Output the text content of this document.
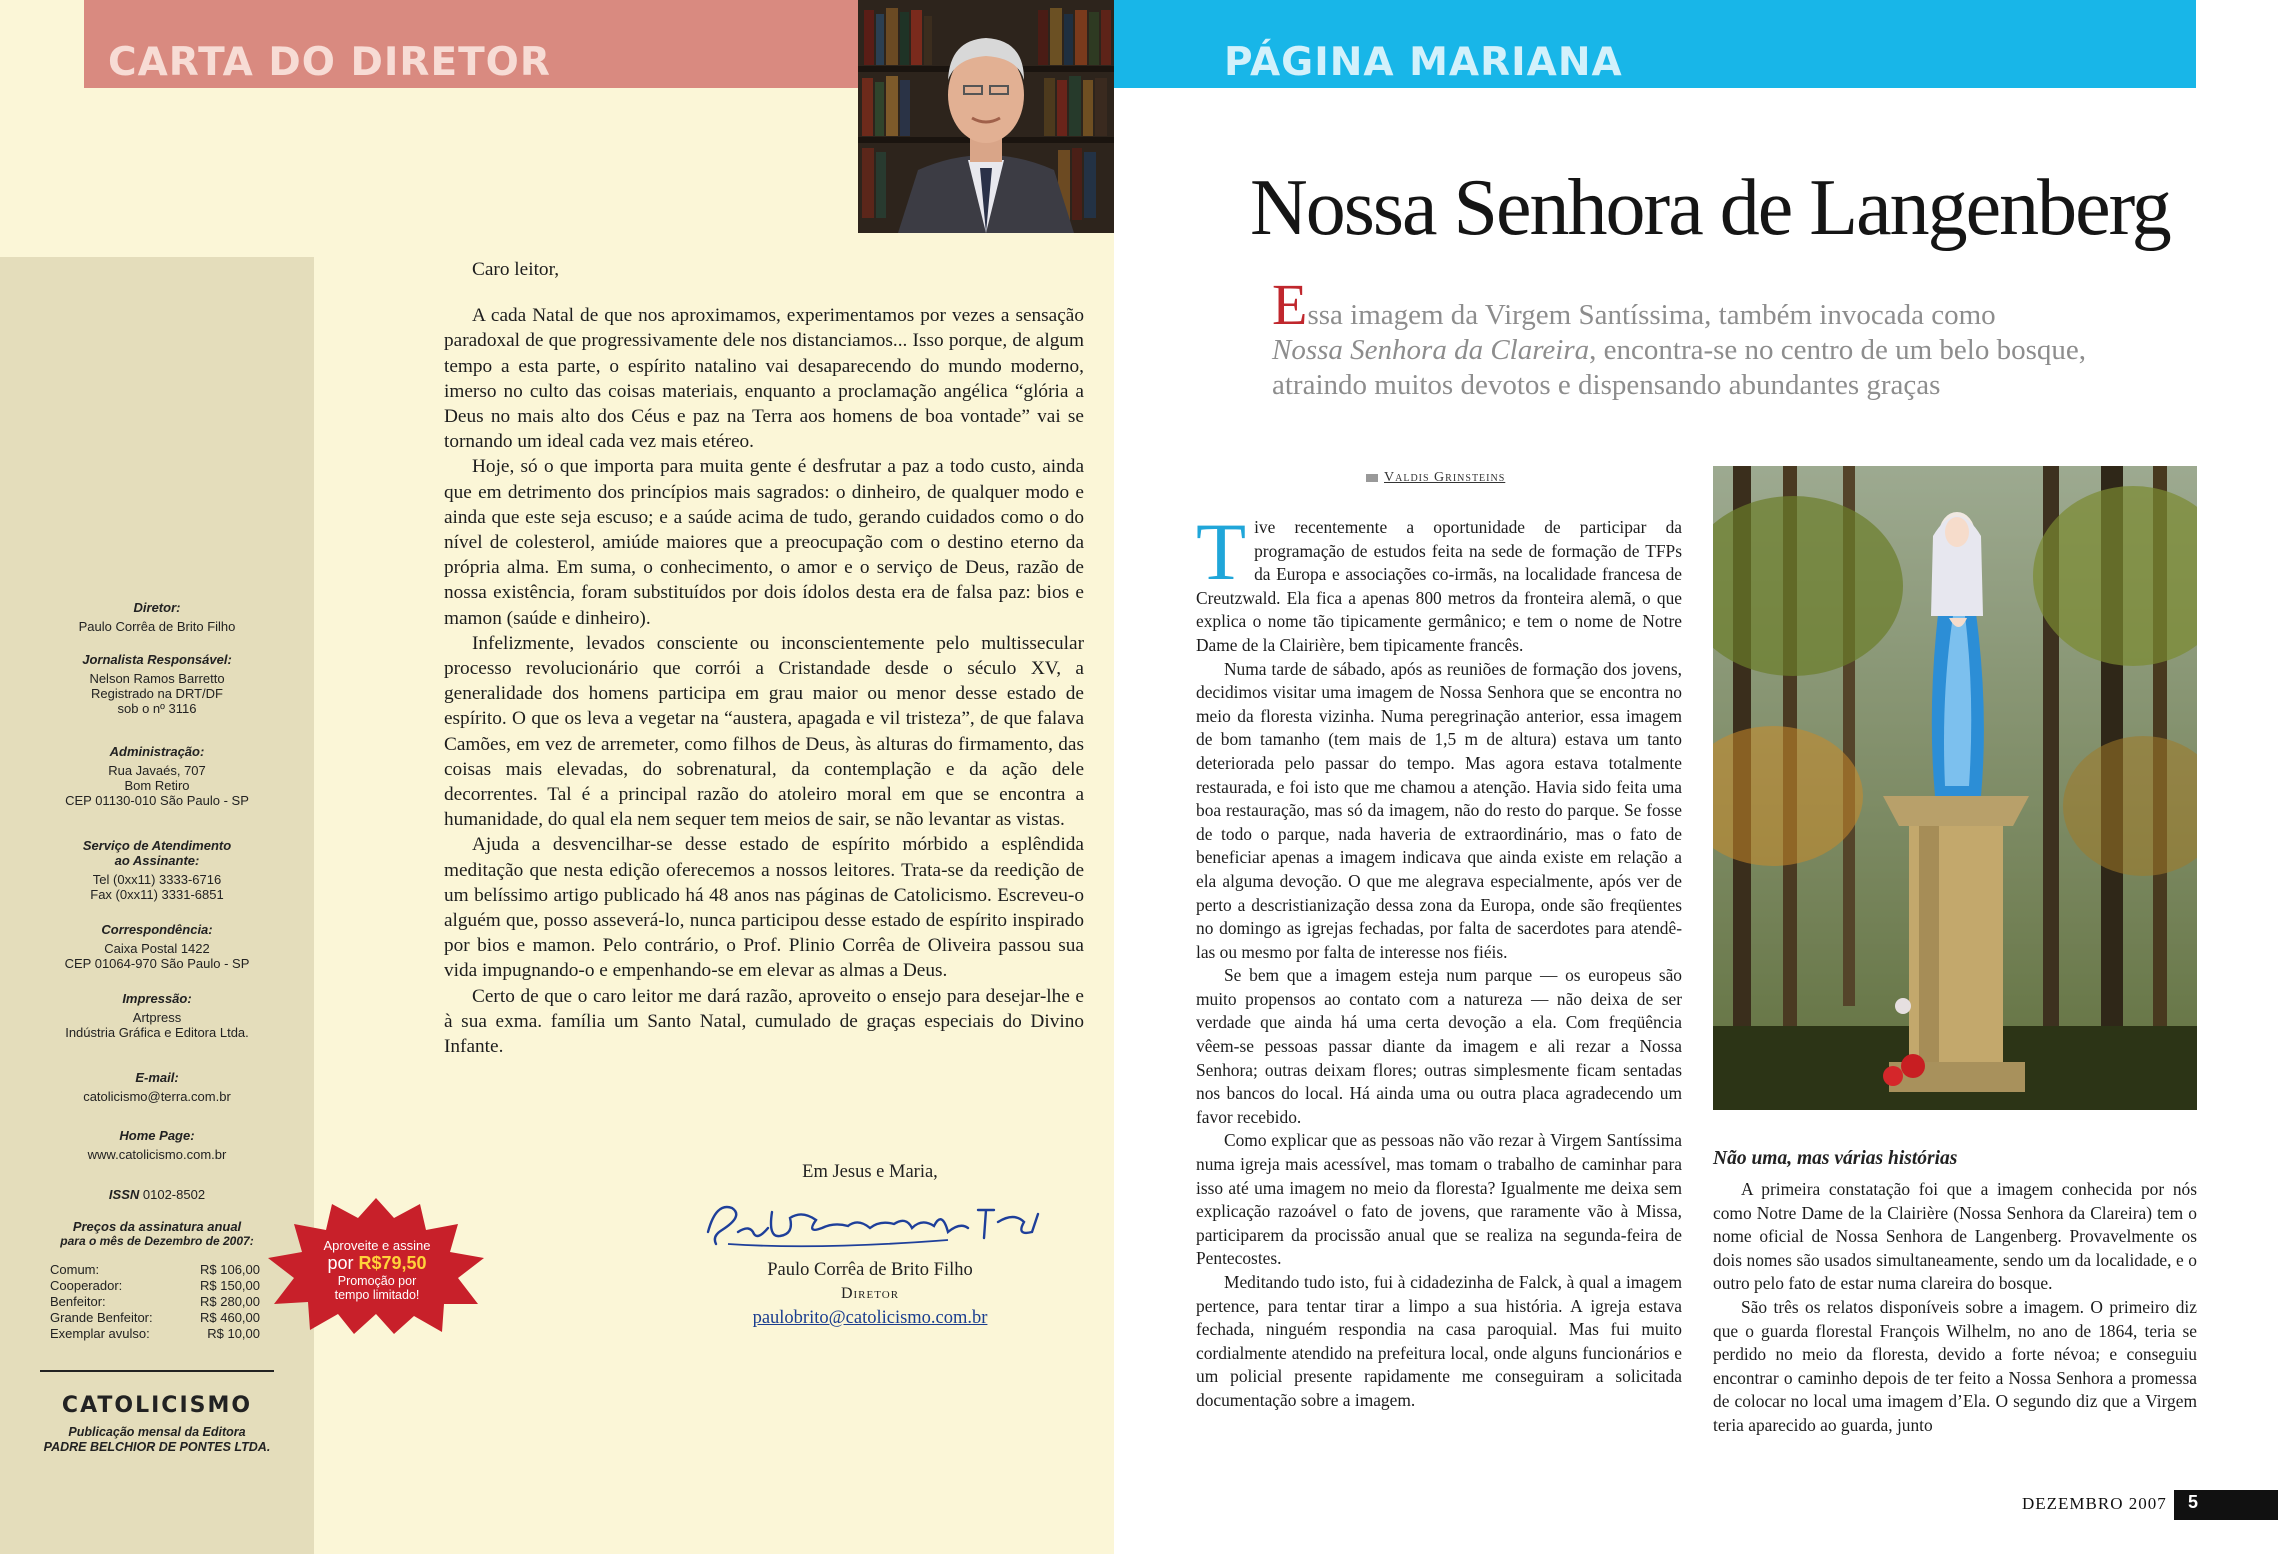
CARTA DO DIRETOR
Diretor:
Paulo Corrêa de Brito Filho
Jornalista Responsável:
Nelson Ramos Barretto
Registrado na DRT/DF
sob o nº 3116
Administração:
Rua Javaés, 707
Bom Retiro
CEP 01130-010 São Paulo - SP
Serviço de Atendimento
ao Assinante:
Tel (0xx11) 3333-6716
Fax (0xx11) 3331-6851
Correspondência:
Caixa Postal 1422
CEP 01064-970 São Paulo - SP
Impressão:
Artpress
Indústria Gráfica e Editora Ltda.
E-mail:
catolicismo@terra.com.br
Home Page:
www.catolicismo.com.br
ISSN 0102-8502
Preços da assinatura anual
para o mês de Dezembro de 2007:
Comum:	R$ 106,00
Cooperador:	R$ 150,00
Benfeitor:	R$ 280,00
Grande Benfeitor:	R$ 460,00
Exemplar avulso:	R$ 10,00
CATOLICISMO
Publicação mensal da Editora
PADRE BELCHIOR DE PONTES LTDA.
Aproveite e assine
por R$79,50
Promoção por
tempo limitado!

Caro leitor,

A cada Natal de que nos aproximamos, experimentamos por vezes a sensação paradoxal de que progressivamente dele nos distanciamos... Isso porque, de algum tempo a esta parte, o espírito natalino vai desaparecendo do mundo moderno, imerso no culto das coisas materiais, enquanto a proclamação angélica “glória a Deus no mais alto dos Céus e paz na Terra aos homens de boa vontade” vai se tornando um ideal cada vez mais etéreo.

Hoje, só o que importa para muita gente é desfrutar a paz a todo custo, ainda que em detrimento dos princípios mais sagrados: o dinheiro, de qualquer modo e ainda que este seja escuso; e a saúde acima de tudo, gerando cuidados como o do nível de colesterol, amiúde maiores que a preocupação com o destino eterno da própria alma. Em suma, o conhecimento, o amor e o serviço de Deus, razão de nossa existência, foram substituídos por dois ídolos desta era de falsa paz: bios e mamon (saúde e dinheiro).

Infelizmente, levados consciente ou inconscientemente pelo multissecular processo revolucionário que corrói a Cristandade desde o século XV, a generalidade dos homens participa em grau maior ou menor desse estado de espírito. O que os leva a vegetar na “austera, apagada e vil tristeza”, de que falava Camões, em vez de arremeter, como filhos de Deus, às alturas do firmamento, das coisas mais elevadas, do sobrenatural, da contemplação e da ação dele decorrentes. Tal é a principal razão do atoleiro moral em que se encontra a humanidade, do qual ela nem sequer tem meios de sair, se não levantar as vistas.

Ajuda a desvencilhar-se desse estado de espírito mórbido a esplêndida meditação que nesta edição oferecemos a nossos leitores. Trata-se da reedição de um belíssimo artigo publicado há 48 anos nas páginas de Catolicismo. Escreveu-o alguém que, posso asseverá-lo, nunca participou desse estado de espírito inspirado por bios e mamon. Pelo contrário, o Prof. Plinio Corrêa de Oliveira passou sua vida impugnando-o e empenhando-se em elevar as almas a Deus.

Certo de que o caro leitor me dará razão, aproveito o ensejo para desejar-lhe e à sua exma. família um Santo Natal, cumulado de graças especiais do Divino Infante.

Em Jesus e Maria,
Paulo Corrêa de Brito Filho
Diretor
paulobrito@catolicismo.com.br
PÁGINA MARIANA
Nossa Senhora de Langenberg
Essa imagem da Virgem Santíssima, também invocada como
Nossa Senhora da Clareira, encontra-se no centro de um belo bosque, atraindo muitos devotos e dispensando abundantes graças
Valdis Grinsteins

Tive recentemente a oportunidade de participar da programação de estudos feita na sede de formação de TFPs da Europa e associações co-irmãs, na localidade francesa de Creutzwald. Ela fica a apenas 800 metros da fronteira alemã, o que explica o nome tão tipicamente germânico; e tem o nome de Notre Dame de la Clairière, bem tipicamente francês.

Numa tarde de sábado, após as reuniões de formação dos jovens, decidimos visitar uma imagem de Nossa Senhora que se encontra no meio da floresta vizinha. Numa peregrinação anterior, essa imagem de bom tamanho (tem mais de 1,5 m de altura) estava um tanto deteriorada pelo passar do tempo. Mas agora estava totalmente restaurada, e foi isto que me chamou a atenção. Havia sido feita uma boa restauração, mas só da imagem, não do resto do parque. Se fosse de todo o parque, nada haveria de extraordinário, mas o fato de beneficiar apenas a imagem indicava que ainda existe em relação a ela alguma devoção. O que me alegrava especialmente, após ver de perto a descristianização dessa zona da Europa, onde são freqüentes no domingo as igrejas fechadas, por falta de sacerdotes para atendê-las ou mesmo por falta de interesse nos fiéis.

Se bem que a imagem esteja num parque — os europeus são muito propensos ao contato com a natureza — não deixa de ser verdade que ainda há uma certa devoção a ela. Com freqüência vêem-se pessoas passar diante da imagem e ali rezar a Nossa Senhora; outras deixam flores; outras simplesmente ficam sentadas nos bancos do local. Há ainda uma ou outra placa agradecendo um favor recebido.

Como explicar que as pessoas não vão rezar à Virgem Santíssima numa igreja mais acessível, mas tomam o trabalho de caminhar para isso até uma imagem no meio da floresta? Igualmente me deixa sem explicação razoável o fato de jovens, que raramente vão à Missa, participarem da procissão anual que se realiza na segunda-feira de Pentecostes.

Meditando tudo isto, fui à cidadezinha de Falck, à qual a imagem pertence, para tentar tirar a limpo a sua história. A igreja estava fechada, ninguém respondia na casa paroquial. Mas fui muito cordialmente atendido na prefeitura local, onde alguns funcionários e um policial presente rapidamente me conseguiram a solicitada documentação sobre a imagem.

Não uma, mas várias histórias

A primeira constatação foi que a imagem conhecida por nós como Notre Dame de la Clairière (Nossa Senhora da Clareira) tem o nome oficial de Nossa Senhora de Langenberg. Provavelmente os dois nomes são usados simultaneamente, sendo um da localidade, e o outro pelo fato de estar numa clareira do bosque.

São três os relatos disponíveis sobre a imagem. O primeiro diz que o guarda florestal François Wilhelm, no ano de 1864, teria se perdido no meio da floresta, devido a forte névoa; e conseguiu encontrar o caminho depois de ter feito a Nossa Senhora a promessa de colocar no local uma imagem d’Ela. O segundo diz que a Virgem teria aparecido ao guarda, junto

DEZEMBRO 2007 5
